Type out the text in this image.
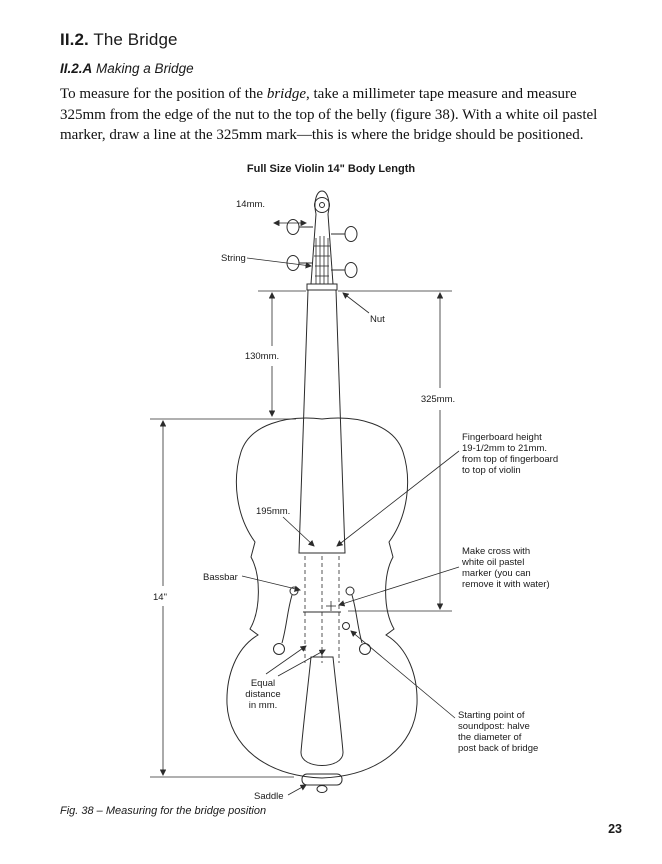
II.2. The Bridge
II.2.A Making a Bridge

To measure for the position of the bridge, take a millimeter tape measure and measure 325mm from the edge of the nut to the top of the belly (figure 38). With a white oil pastel marker, draw a line at the 325mm mark—this is where the bridge should be positioned.

Full Size Violin 14" Body Length
14mm.
String
Nut
130mm.
325mm.
14"
195mm.
Fingerboard height
19-1/2mm to 21mm.
from top of fingerboard
to top of violin
Bassbar
Make cross with
white oil pastel
marker (you can
remove it with water)
Equal
distance
in mm.
Starting point of
soundpost: halve
the diameter of
post back of bridge
Saddle
Fig. 38 – Measuring for the bridge position
23
